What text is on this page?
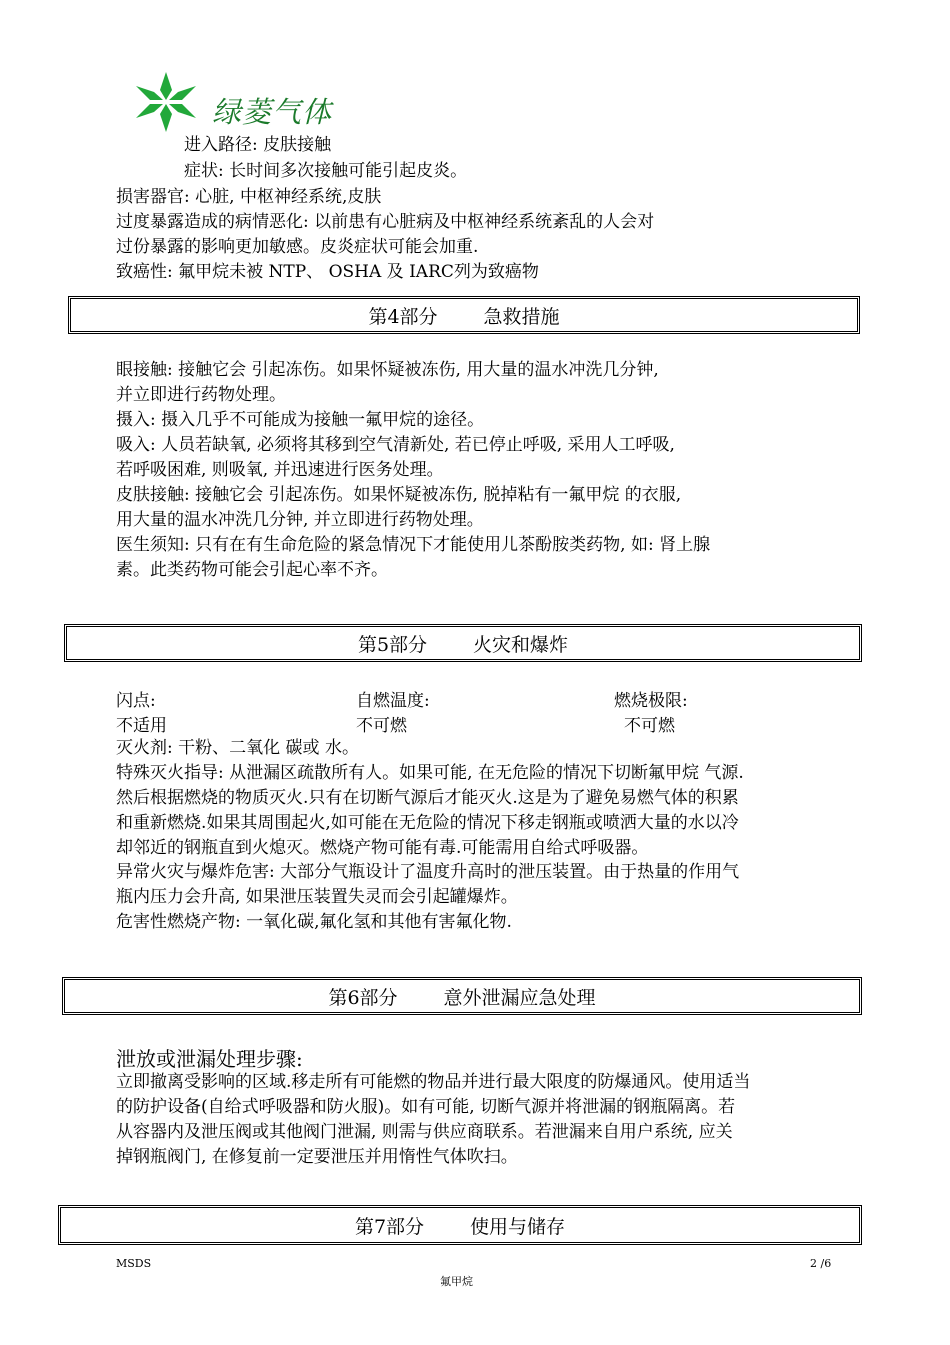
绿菱气体
进入路径: 皮肤接触
症状: 长时间多次接触可能引起皮炎。
损害器官: 心脏, 中枢神经系统,皮肤
过度暴露造成的病情恶化: 以前患有心脏病及中枢神经系统紊乱的人会对
过份暴露的影响更加敏感。皮炎症状可能会加重.
致癌性: 氟甲烷未被 NTP、 OSHA 及 IARC列为致癌物
第4部分 急救措施
眼接触: 接触它会 引起冻伤。如果怀疑被冻伤, 用大量的温水冲洗几分钟,
并立即进行药物处理。
摄入: 摄入几乎不可能成为接触一氟甲烷的途径。
吸入: 人员若缺氧, 必须将其移到空气清新处, 若已停止呼吸, 采用人工呼吸,
若呼吸困难, 则吸氧, 并迅速进行医务处理。
皮肤接触: 接触它会 引起冻伤。如果怀疑被冻伤, 脱掉粘有一氟甲烷 的衣服,
用大量的温水冲洗几分钟, 并立即进行药物处理。
医生须知: 只有在有生命危险的紧急情况下才能使用儿茶酚胺类药物, 如: 肾上腺
素。此类药物可能会引起心率不齐。
第5部分 火灾和爆炸
闪点:	自燃温度:	燃烧极限:
不适用	不可燃	不可燃
灭火剂: 干粉、二氧化 碳或 水。
特殊灭火指导: 从泄漏区疏散所有人。如果可能, 在无危险的情况下切断氟甲烷 气源.
然后根据燃烧的物质灭火.只有在切断气源后才能灭火.这是为了避免易燃气体的积累
和重新燃烧.如果其周围起火,如可能在无危险的情况下移走钢瓶或喷洒大量的水以冷
却邻近的钢瓶直到火熄灭。燃烧产物可能有毒.可能需用自给式呼吸器。
异常火灾与爆炸危害: 大部分气瓶设计了温度升高时的泄压装置。由于热量的作用气
瓶内压力会升高, 如果泄压装置失灵而会引起罐爆炸。
危害性燃烧产物: 一氧化碳,氟化氢和其他有害氟化物.
第6部分 意外泄漏应急处理
泄放或泄漏处理步骤:
立即撤离受影响的区域.移走所有可能燃的物品并进行最大限度的防爆通风。使用适当
的防护设备(自给式呼吸器和防火服)。如有可能, 切断气源并将泄漏的钢瓶隔离。若
从容器内及泄压阀或其他阀门泄漏, 则需与供应商联系。若泄漏来自用户系统, 应关
掉钢瓶阀门, 在修复前一定要泄压并用惰性气体吹扫。
第7部分 使用与储存
MSDS	2 /6
氟甲烷
